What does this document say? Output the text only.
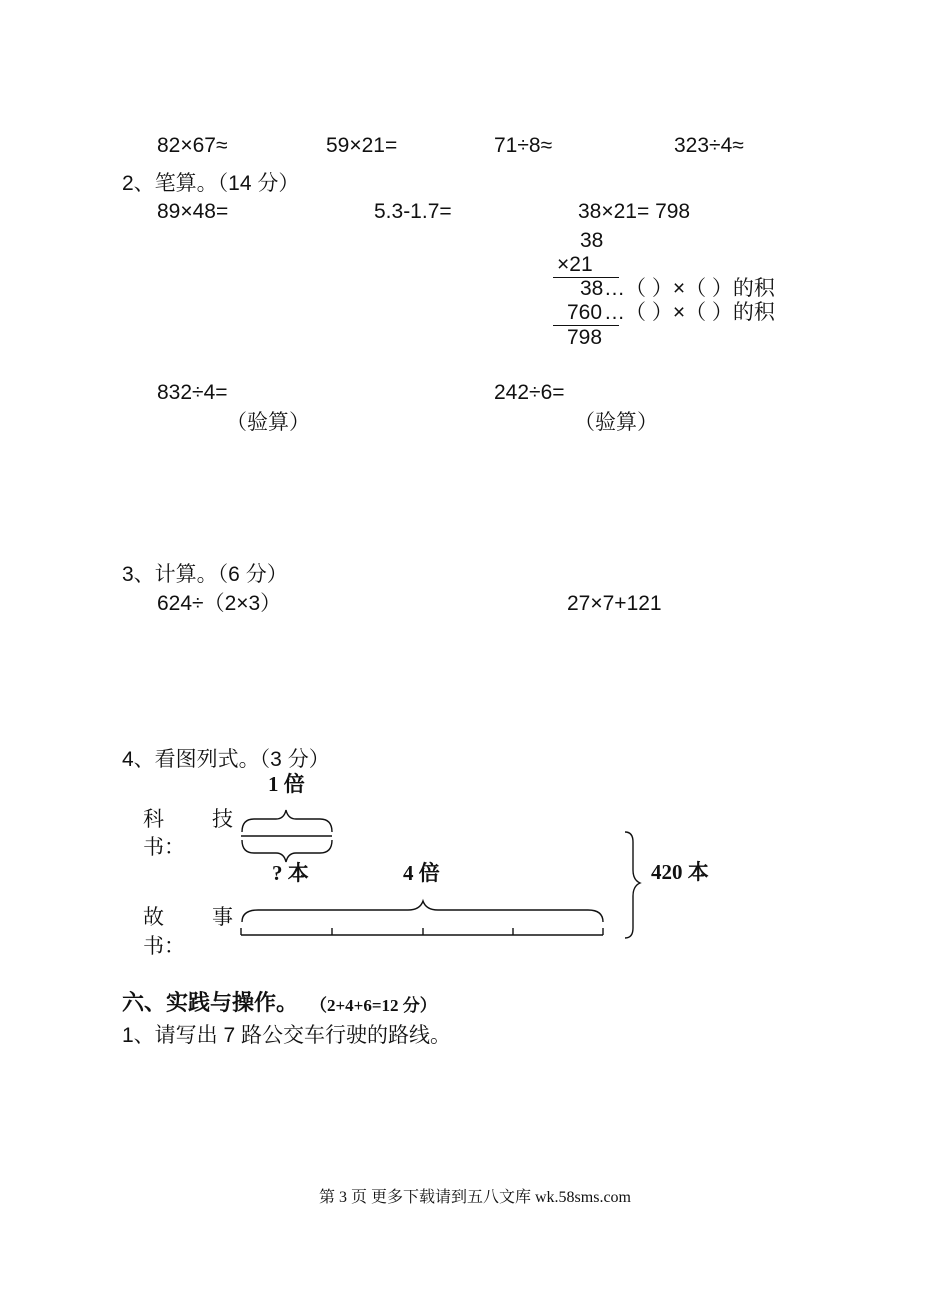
82×67≈	59×21=	71÷8≈	323÷4≈
2、笔算。（14 分）
89×48=	5.3-1.7=	38×21= 798
38
×21
38 …（ ）×（ ）的积
760 …（ ）×（ ）的积
798
832÷4=	242÷6=
（验算）	（验算）
3、计算。（6 分）
624÷（2×3）	27×7+121
4、看图列式。（3 分）
1 倍
科 技
书：
? 本	4 倍	420 本
故 事
书：
六、实践与操作。 （2+4+6=12 分）
1、请写出 7 路公交车行驶的路线。
第 3 页 更多下载请到五八文库 wk.58sms.com
